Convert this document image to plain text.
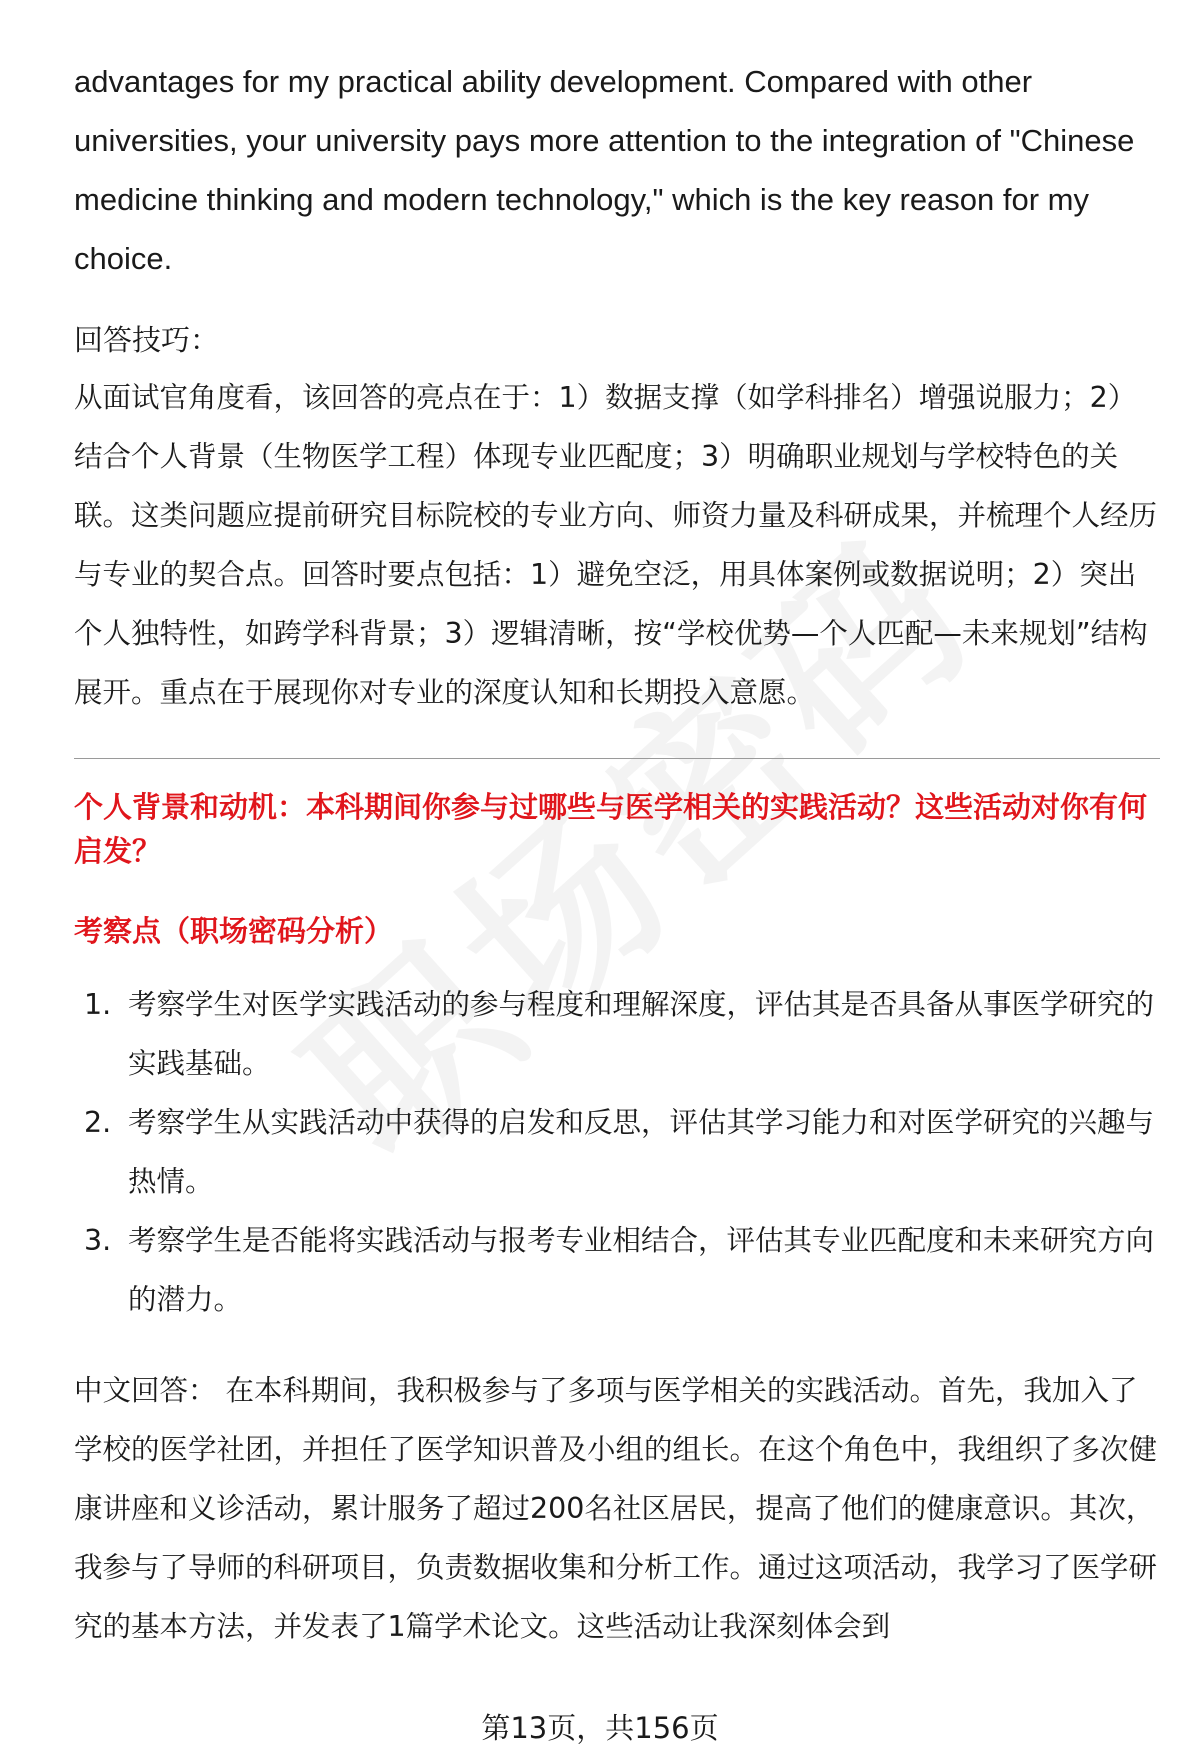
advantages for my practical ability development. Compared with other universities, your university pays more attention to the integration of "Chinese medicine thinking and modern technology," which is the key reason for my choice.

回答技巧：

从面试官角度看，该回答的亮点在于：1）数据支撑（如学科排名）增强说服力；2）结合个人背景（生物医学工程）体现专业匹配度；3）明确职业规划与学校特色的关联。这类问题应提前研究目标院校的专业方向、师资力量及科研成果，并梳理个人经历与专业的契合点。回答时要点包括：1）避免空泛，用具体案例或数据说明；2）突出个人独特性，如跨学科背景；3）逻辑清晰，按“学校优势—个人匹配—未来规划”结构展开。重点在于展现你对专业的深度认知和长期投入意愿。

个人背景和动机：本科期间你参与过哪些与医学相关的实践活动？这些活动对你有何启发？
考察点（职场密码分析）
1. 考察学生对医学实践活动的参与程度和理解深度，评估其是否具备从事医学研究的实践基础。
2. 考察学生从实践活动中获得的启发和反思，评估其学习能力和对医学研究的兴趣与热情。
3. 考察学生是否能将实践活动与报考专业相结合，评估其专业匹配度和未来研究方向的潜力。

中文回答： 在本科期间，我积极参与了多项与医学相关的实践活动。首先，我加入了学校的医学社团，并担任了医学知识普及小组的组长。在这个角色中，我组织了多次健康讲座和义诊活动，累计服务了超过200名社区居民，提高了他们的健康意识。其次，我参与了导师的科研项目，负责数据收集和分析工作。通过这项活动，我学习了医学研究的基本方法，并发表了1篇学术论文。这些活动让我深刻体会到

第13页，共156页
